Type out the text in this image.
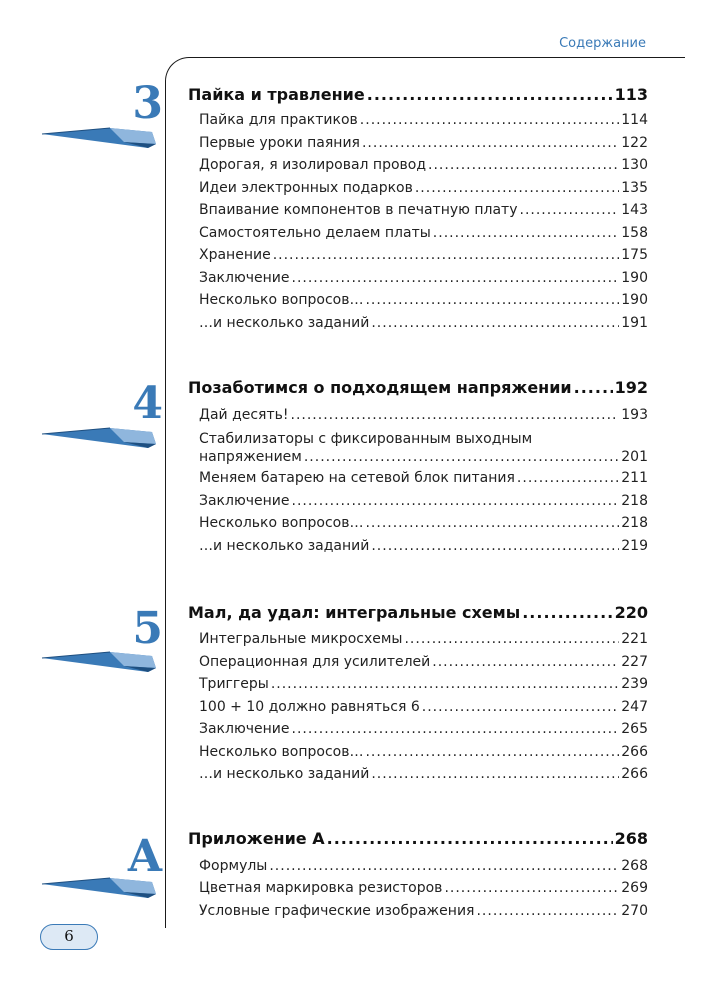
Содержание
3 Пайка и травление .....	113
Пайка для практиков .....	114
Первые уроки паяния .....	122
Дорогая, я изолировал провод .....	130
Идеи электронных подарков .....	135
Впаивание компонентов в печатную плату .....	143
Самостоятельно делаем платы .....	158
Хранение .....	175
Заключение .....	190
Несколько вопросов… .....	190
…и несколько заданий .....	191
4 Позаботимся о подходящем напряжении .....	192
Дай десять! .....	193
Стабилизаторы с фиксированным выходным
напряжением .....	201
Меняем батарею на сетевой блок питания .....	211
Заключение .....	218
Несколько вопросов… .....	218
…и несколько заданий .....	219
5 Мал, да удал: интегральные схемы .....	220
Интегральные микросхемы .....	221
Операционная для усилителей .....	227
Триггеры .....	239
100 + 10 должно равняться 6 .....	247
Заключение .....	265
Несколько вопросов… .....	266
…и несколько заданий .....	266
А Приложение А .....	268
Формулы .....	268
Цветная маркировка резисторов .....	269
Условные графические изображения .....	270
6
